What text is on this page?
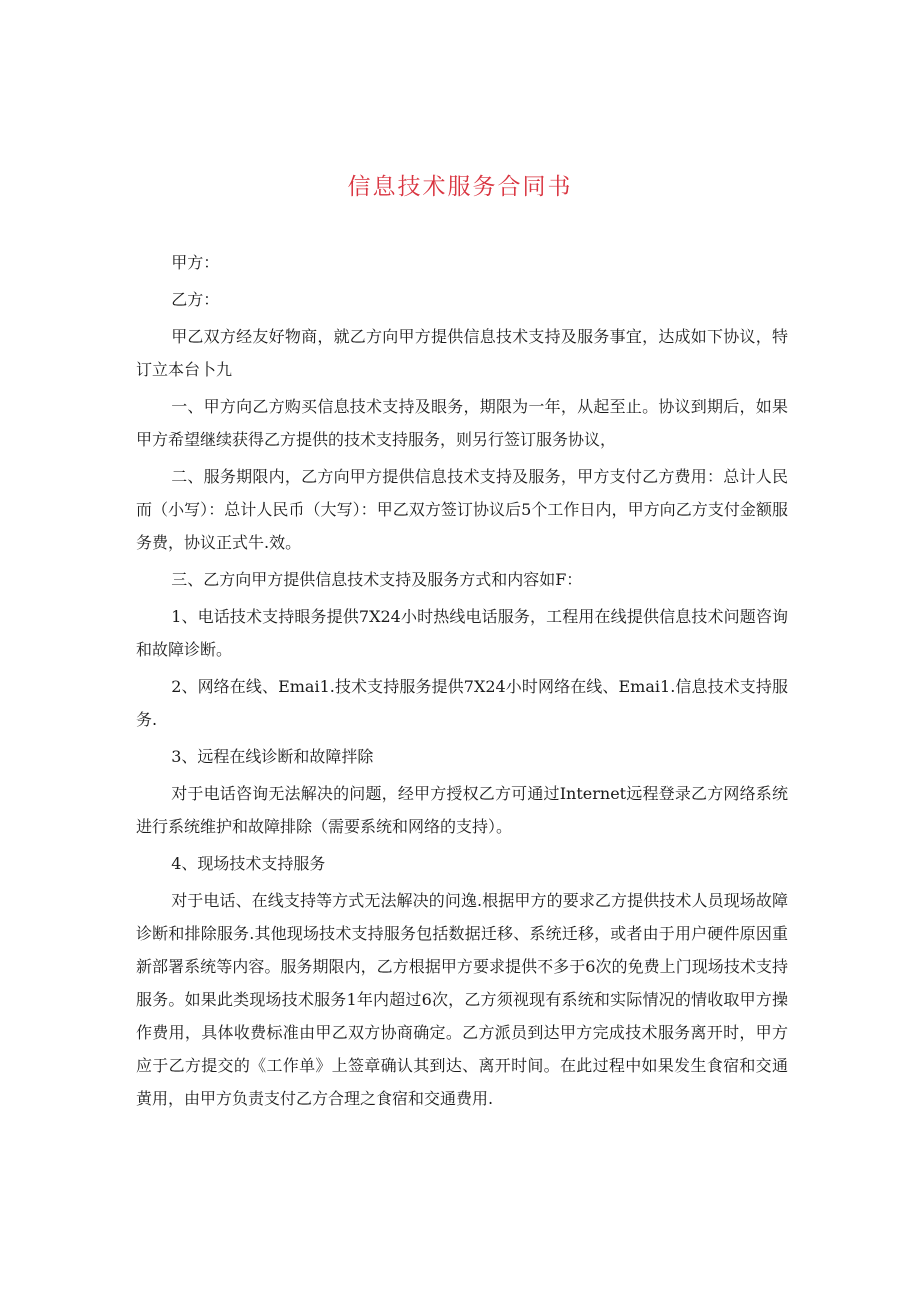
信息技术服务合同书

甲方：

乙方：

甲乙双方经友好物商，就乙方向甲方提供信息技术支持及服务事宜，达成如下协议，特订立本台卜九

一、甲方向乙方购买信息技术支持及眼务，期限为一年，从起至止。协议到期后，如果甲方希望继续获得乙方提供的技术支持服务，则另行签订服务协议，

二、服务期限内，乙方向甲方提供信息技术支持及服务，甲方支付乙方费用：总计人民而（小写）：总计人民币（大写）：甲乙双方签订协议后5个工作日内，甲方向乙方支付金额服务费，协议正式牛.效。

三、乙方向甲方提供信息技术支持及服务方式和内容如F：

1、电话技术支持眼务提供7X24小时热线电话服务，工程用在线提供信息技术问题咨询和故障诊断。

2、网络在线、Emai1.技术支持服务提供7X24小时网络在线、Emai1.信息技术支持服务.

3、远程在线诊断和故障拌除

对于电话咨询无法解决的问题，经甲方授权乙方可通过Internet远程登录乙方网络系统进行系统维护和故障排除（需要系统和网络的支持）。

4、现场技术支持服务

对于电话、在线支持等方式无法解决的问逸.根据甲方的要求乙方提供技术人员现场故障诊断和排除服务.其他现场技术支持服务包括数据迁移、系统迁移，或者由于用户硬件原因重新部署系统等内容。服务期限内，乙方根据甲方要求提供不多于6次的免费上门现场技术支持服务。如果此类现场技术服务1年内超过6次，乙方须视现有系统和实际情况的情收取甲方操作费用，具体收费标准由甲乙双方协商确定。乙方派员到达甲方完成技术服务离开时，甲方应于乙方提交的《工作单》上签章确认其到达、离开时间。在此过程中如果发生食宿和交通黄用，由甲方负责支付乙方合理之食宿和交通费用.
